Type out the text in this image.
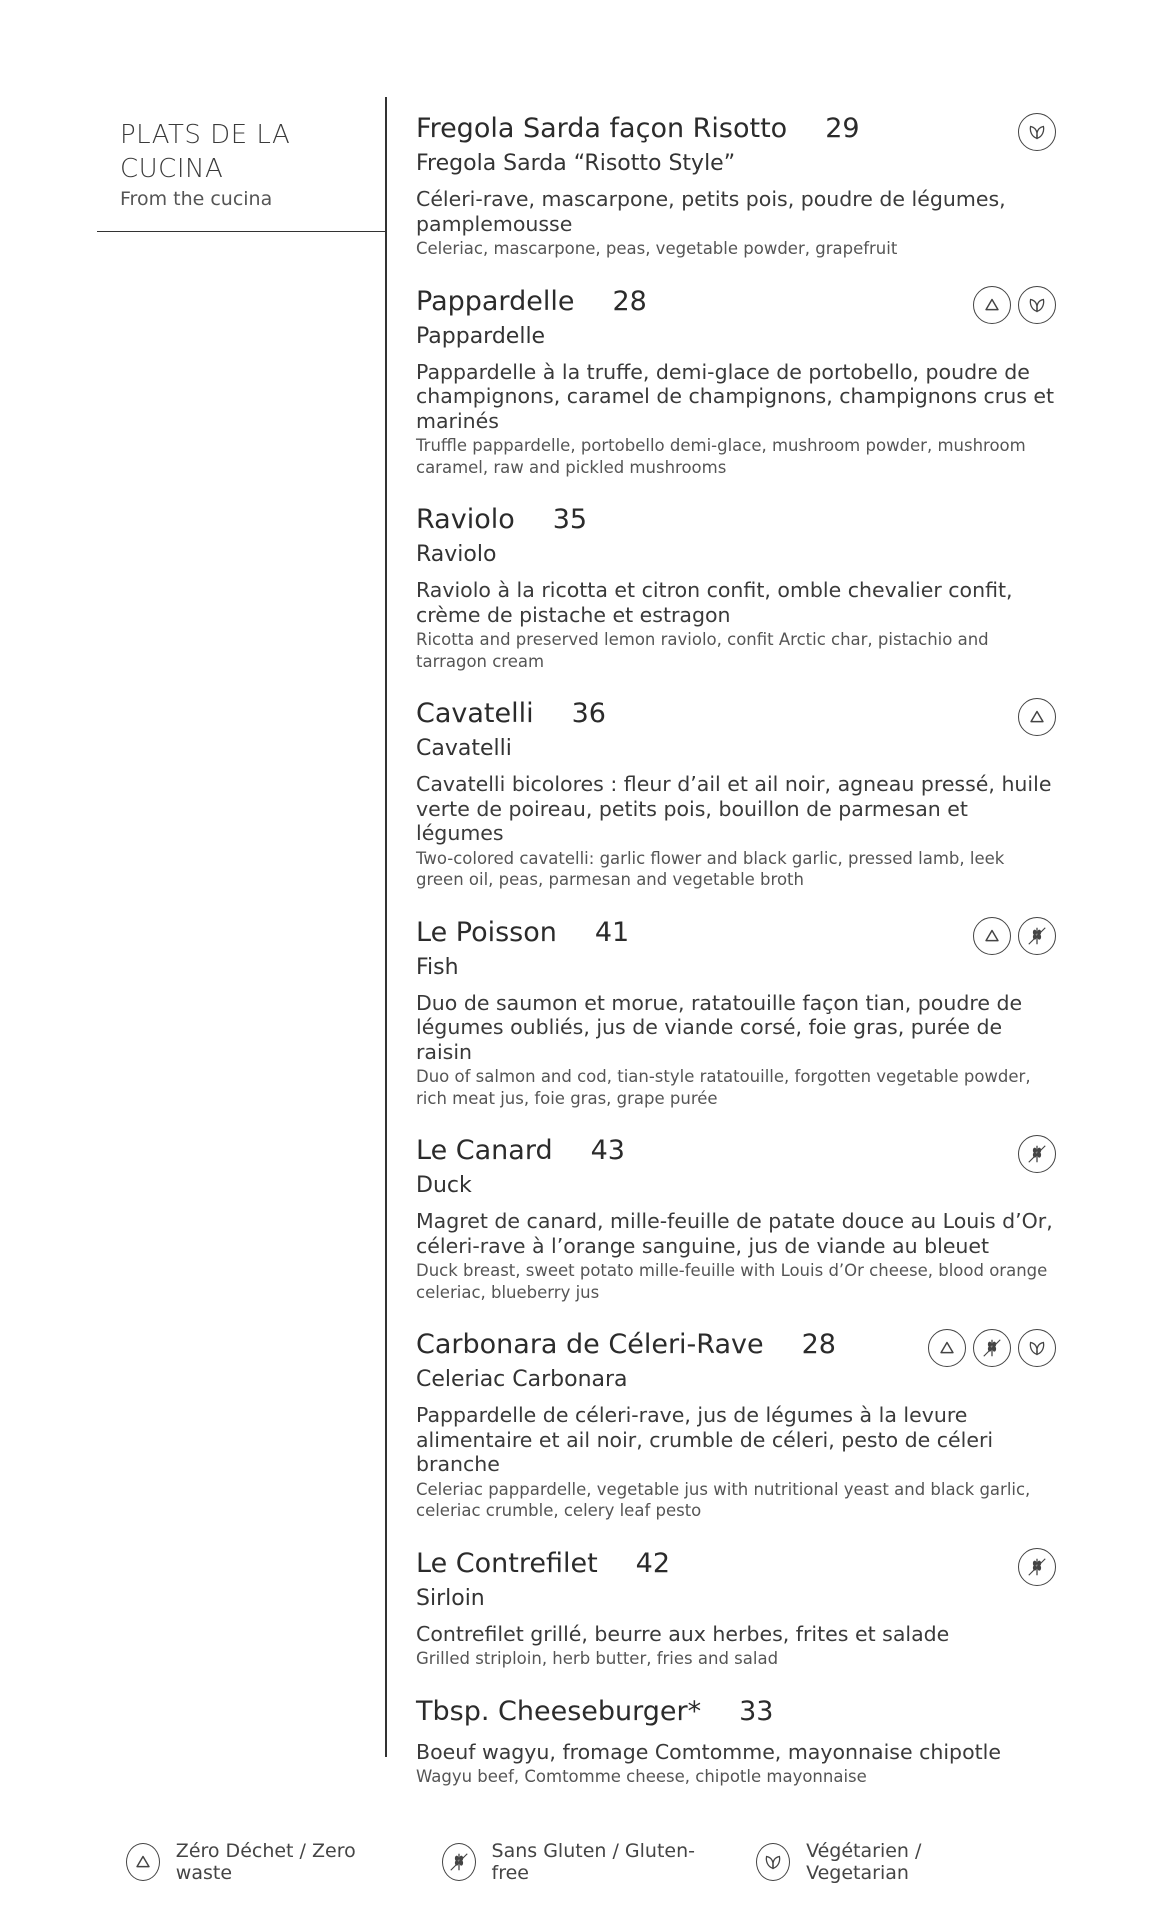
PLATS DE LA
CUCINA
From the cucina
Fregola Sarda façon Risotto 29
Fregola Sarda “Risotto Style”
Céleri-rave, mascarpone, petits pois, poudre de légumes, pamplemousse
Celeriac, mascarpone, peas, vegetable powder, grapefruit
Pappardelle 28
Pappardelle
Pappardelle à la truffe, demi-glace de portobello, poudre de champignons, caramel de champignons, champignons crus et marinés
Truffle pappardelle, portobello demi-glace, mushroom powder, mushroom caramel, raw and pickled mushrooms
Raviolo 35
Raviolo
Raviolo à la ricotta et citron confit, omble chevalier confit, crème de pistache et estragon
Ricotta and preserved lemon raviolo, confit Arctic char, pistachio and tarragon cream
Cavatelli 36
Cavatelli
Cavatelli bicolores : fleur d’ail et ail noir, agneau pressé, huile verte de poireau, petits pois, bouillon de parmesan et légumes
Two-colored cavatelli: garlic flower and black garlic, pressed lamb, leek green oil, peas, parmesan and vegetable broth
Le Poisson 41
Fish
Duo de saumon et morue, ratatouille façon tian, poudre de légumes oubliés, jus de viande corsé, foie gras, purée de raisin
Duo of salmon and cod, tian-style ratatouille, forgotten vegetable powder, rich meat jus, foie gras, grape purée
Le Canard 43
Duck
Magret de canard, mille-feuille de patate douce au Louis d’Or, céleri-rave à l’orange sanguine, jus de viande au bleuet
Duck breast, sweet potato mille-feuille with Louis d’Or cheese, blood orange celeriac, blueberry jus
Carbonara de Céleri-Rave 28
Celeriac Carbonara
Pappardelle de céleri-rave, jus de légumes à la levure alimentaire et ail noir, crumble de céleri, pesto de céleri branche
Celeriac pappardelle, vegetable jus with nutritional yeast and black garlic, celeriac crumble, celery leaf pesto
Le Contrefilet 42
Sirloin
Contrefilet grillé, beurre aux herbes, frites et salade
Grilled striploin, herb butter, fries and salad
Tbsp. Cheeseburger* 33
Boeuf wagyu, fromage Comtomme, mayonnaise chipotle
Wagyu beef, Comtomme cheese, chipotle mayonnaise
Zéro Déchet / Zero waste
Sans Gluten / Gluten-free
Végétarien / Vegetarian
